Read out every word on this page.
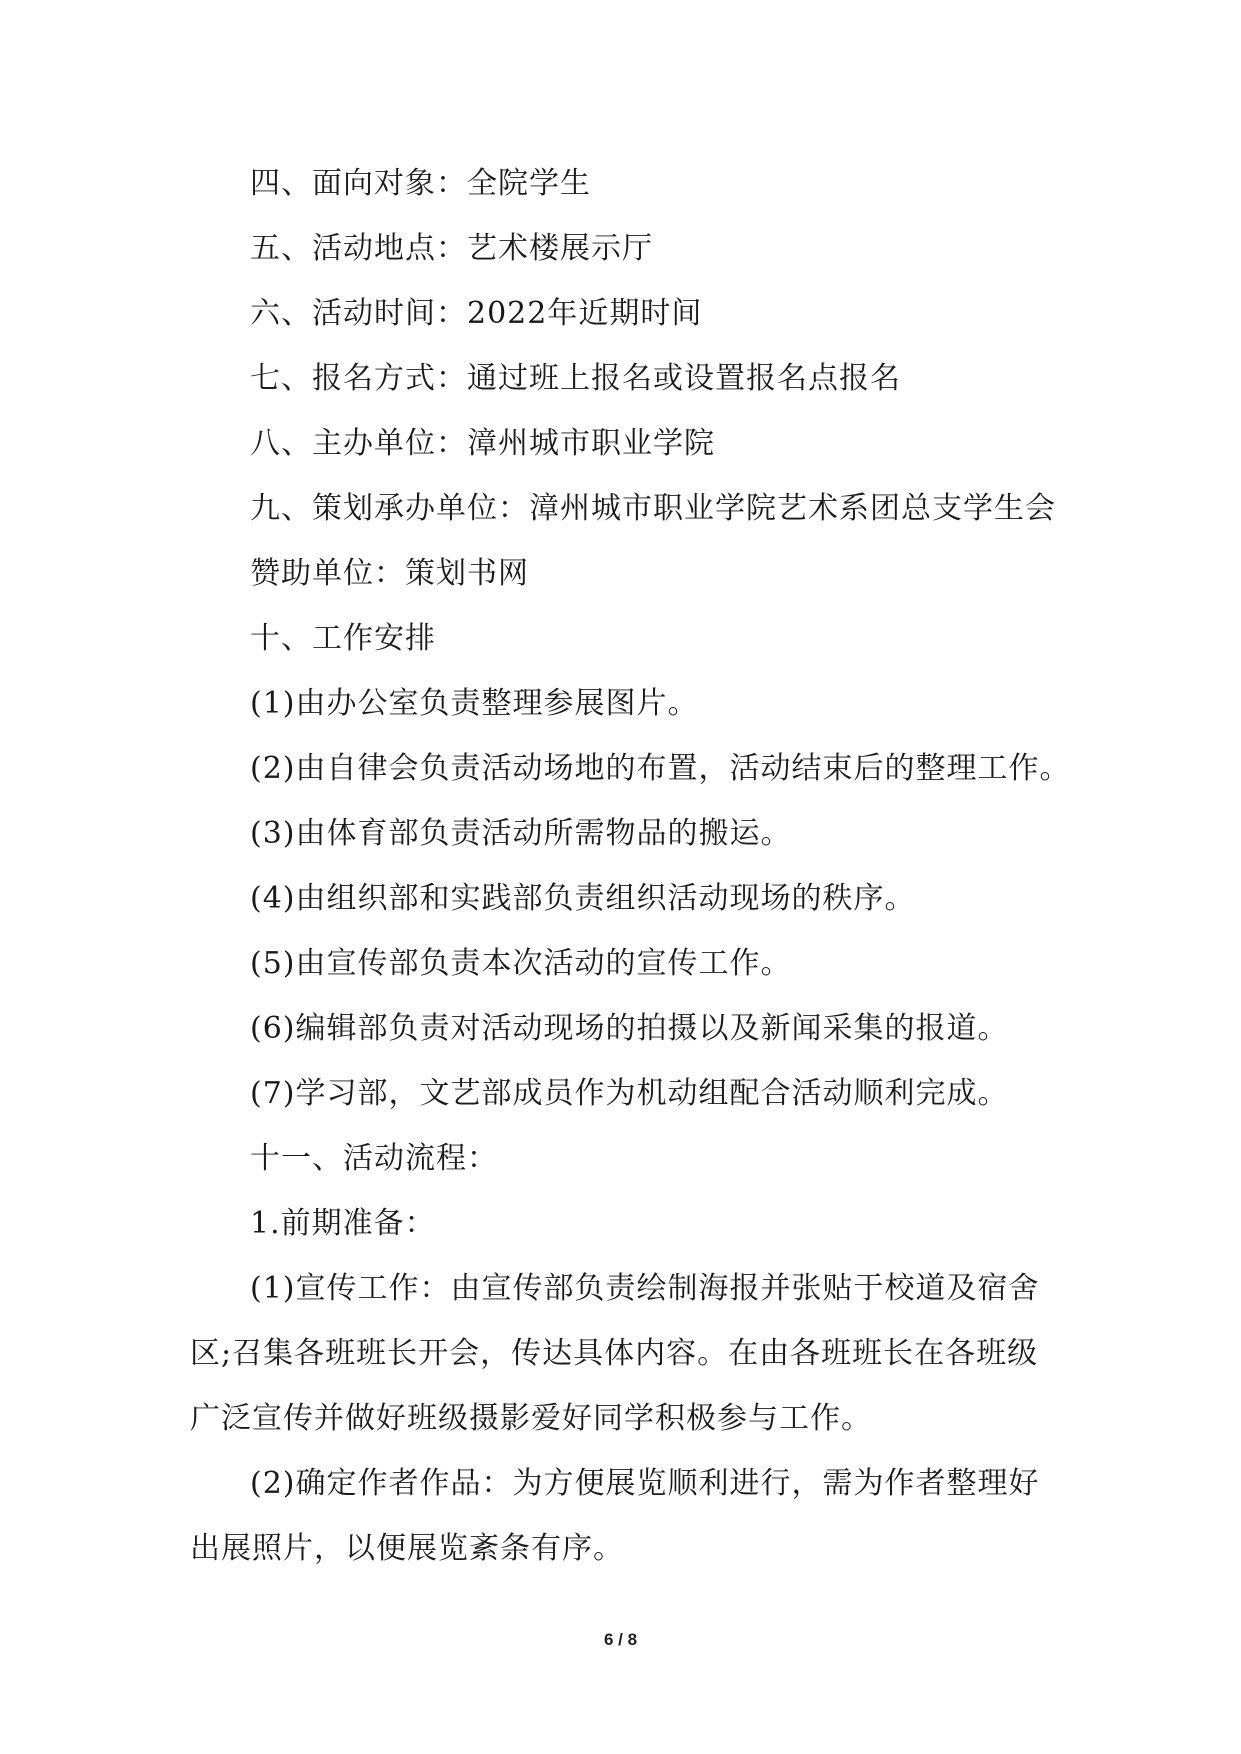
四、面向对象：全院学生
五、活动地点：艺术楼展示厅
六、活动时间：2022年近期时间
七、报名方式：通过班上报名或设置报名点报名
八、主办单位：漳州城市职业学院
九、策划承办单位：漳州城市职业学院艺术系团总支学生会
赞助单位：策划书网
十、工作安排
(1)由办公室负责整理参展图片。
(2)由自律会负责活动场地的布置，活动结束后的整理工作。
(3)由体育部负责活动所需物品的搬运。
(4)由组织部和实践部负责组织活动现场的秩序。
(5)由宣传部负责本次活动的宣传工作。
(6)编辑部负责对活动现场的拍摄以及新闻采集的报道。
(7)学习部，文艺部成员作为机动组配合活动顺利完成。
十一、活动流程：
1.前期准备：
(1)宣传工作：由宣传部负责绘制海报并张贴于校道及宿舍
区;召集各班班长开会，传达具体内容。在由各班班长在各班级
广泛宣传并做好班级摄影爱好同学积极参与工作。
(2)确定作者作品：为方便展览顺利进行，需为作者整理好
出展照片，以便展览紊条有序。
6 / 8
